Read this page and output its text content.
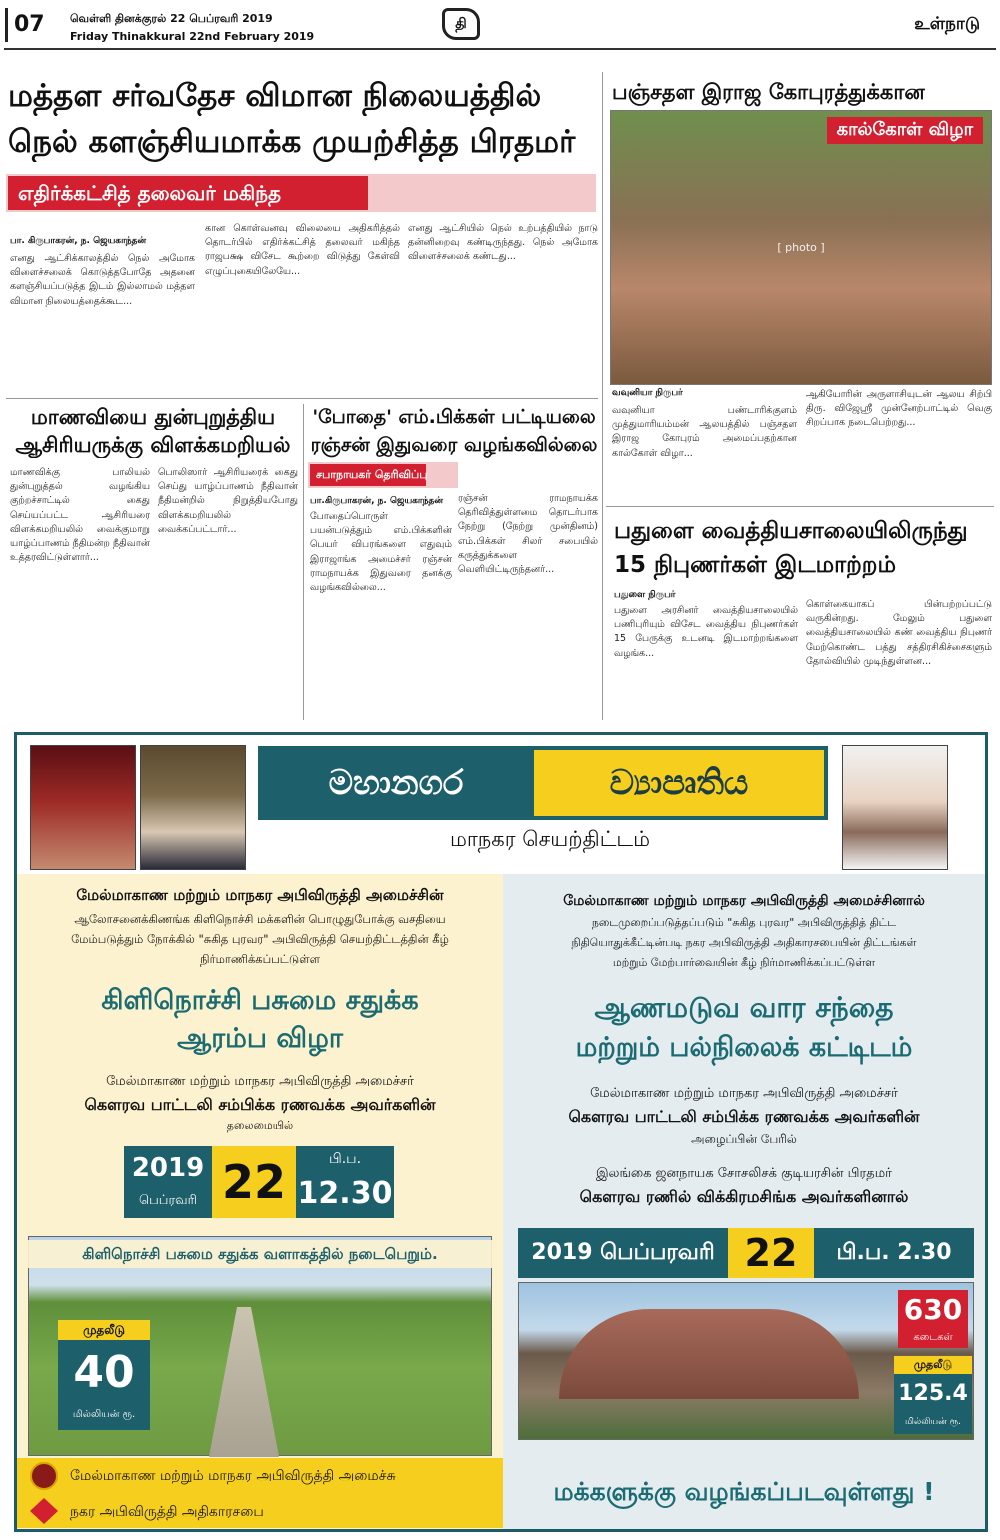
07 வெள்ளி தினக்குரல் 22 பெப்ரவரி 2019
Friday Thinakkural 22nd February 2019
தி	உள்நாடு
மத்தள சர்வதேச விமான நிலையத்தில்
நெல் களஞ்சியமாக்க முயற்சித்த பிரதமர்
எதிர்க்கட்சித் தலைவர் மகிந்த
பா. கிருபாகரன், ந. ஜெயகாந்தன்
எனது ஆட்சிக்காலத்தில் நெல் அமோக விளைச்சலைக் கொடுத்தபோதே அதனை களஞ்சியப்படுத்த இடம் இல்லாமல் மத்தள விமான நிலையத்தைக்கூட...
கான கொள்வனவு விலையை அதிகரித்தல் தொடர்பில் எதிர்க்கட்சித் தலைவர் மகிந்த ராஜபக்ஷ விசேட கூற்றை விடுத்து கேள்வி எழுப்புகையிலேயே...
எனது ஆட்சியில் நெல் உற்பத்தியில் நாடு தன்னிறைவு கண்டிருந்தது. நெல் அமோக விளைச்சலைக் கண்டது...
பஞ்சதள இராஜ கோபுரத்துக்கான
கால்கோள் விழா
[ photo ]
வவுனியா நிருபர்
வவுனியா பண்டாரிக்குளம் முத்துமாரியம்மன் ஆலயத்தில் பஞ்சதள இராஜ கோபுரம் அமைப்பதற்கான கால்கோள் விழா...
ஆகியோரின் அருளாசியுடன் ஆலய சிற்பி திரு. விஜேஸ்ரீ முன்னேற்பாட்டில் வெகு சிறப்பாக நடைபெற்றது...
மாணவியை துன்புறுத்திய
ஆசிரியருக்கு விளக்கமறியல்
மாணவிக்கு பாலியல் துன்புறுத்தல் வழங்கிய குற்றச்சாட்டில் கைது செய்யப்பட்ட ஆசிரியரை விளக்கமறியலில் வைக்குமாறு யாழ்ப்பாணம் நீதிமன்ற நீதிவான் உத்தரவிட்டுள்ளார்...
பொலிஸார் ஆசிரியரைக் கைது செய்து யாழ்ப்பாணம் நீதிவான் நீதிமன்றில் நிறுத்தியபோது விளக்கமறியலில் வைக்கப்பட்டார்...
'போதை' எம்.பிக்கள் பட்டியலை
ரஞ்சன் இதுவரை வழங்கவில்லை
சபாநாயகர் தெரிவிப்பு
பா.கிருபாகரன், ந. ஜெயகாந்தன்
போதைப்பொருள் பயன்படுத்தும் எம்.பிக்களின் பெயர் விபரங்களை எதுவும் இராஜாங்க அமைச்சர் ரஞ்சன் ராமநாயக்க இதுவரை தனக்கு வழங்கவில்லை...
ரஞ்சன் ராமநாயக்க தெரிவித்துள்ளமை தொடர்பாக நேற்று (நேற்று முன்தினம்) எம்.பிக்கள் சிலர் சபையில் கருத்துக்களை வெளியிட்டிருந்தனர்...
பதுளை வைத்தியசாலையிலிருந்து
15 நிபுணர்கள் இடமாற்றம்
பதுளை நிருபர்
பதுளை அரசினர் வைத்தியசாலையில் பணிபுரியும் விசேட வைத்திய நிபுணர்கள் 15 பேருக்கு உடனடி இடமாற்றங்களை வழங்க...
கொள்கையாகப் பின்பற்றப்பட்டு வருகின்றது. மேலும் பதுளை வைத்தியசாலையில் கண் வைத்திய நிபுணர் மேற்கொண்ட பத்து சத்திரசிகிச்சைகளும் தோல்வியில் முடிந்துள்ளன...
මහානගර	ව්‍යාපෘතිය
மாநகர செயற்திட்டம்
மேல்மாகாண மற்றும் மாநகர அபிவிருத்தி அமைச்சின்
ஆலோசனைக்கிணங்க கிளிநொச்சி மக்களின் பொழுதுபோக்கு வசதியை
மேம்படுத்தும் நோக்கில் "சுகித புரவர" அபிவிருத்தி செயற்திட்டத்தின் கீழ்
நிர்மாணிக்கப்பட்டுள்ள
கிளிநொச்சி பசுமை சதுக்க
ஆரம்ப விழா
மேல்மாகாண மற்றும் மாநகர அபிவிருத்தி அமைச்சர்
கௌரவ பாட்டலி சம்பிக்க ரணவக்க அவர்களின்
தலைமையில்
2019
பெப்ரவரி 22	பி.ப.
12.30
கிளிநொச்சி பசுமை சதுக்க வளாகத்தில் நடைபெறும்.
முதலீடு
40
மில்லியன் ரூ.
மேல்மாகாண மற்றும் மாநகர அபிவிருத்தி அமைச்சு
நகர அபிவிருத்தி அதிகாரசபை
மேல்மாகாண மற்றும் மாநகர அபிவிருத்தி அமைச்சினால்
நடைமுறைப்படுத்தப்படும் "சுகித புரவர" அபிவிருத்தித் திட்ட
நிதியொதுக்கீட்டின்படி நகர அபிவிருத்தி அதிகாரசபையின் திட்டங்கள்
மற்றும் மேற்பார்வையின் கீழ் நிர்மாணிக்கப்பட்டுள்ள
ஆணமடுவ வார சந்தை
மற்றும் பல்நிலைக் கட்டிடம்
மேல்மாகாண மற்றும் மாநகர அபிவிருத்தி அமைச்சர்
கௌரவ பாட்டலி சம்பிக்க ரணவக்க அவர்களின்
அழைப்பின் பேரில்
இலங்கை ஜனநாயக சோசலிசக் குடியரசின் பிரதமர்
கௌரவ ரணில் விக்கிரமசிங்க அவர்களினால்
2019 பெப்பரவரி 22	பி.ப. 2.30
630
கடைகள்
முதலீடு
125.4
மில்லியன் ரூ.
மக்களுக்கு வழங்கப்படவுள்ளது !
